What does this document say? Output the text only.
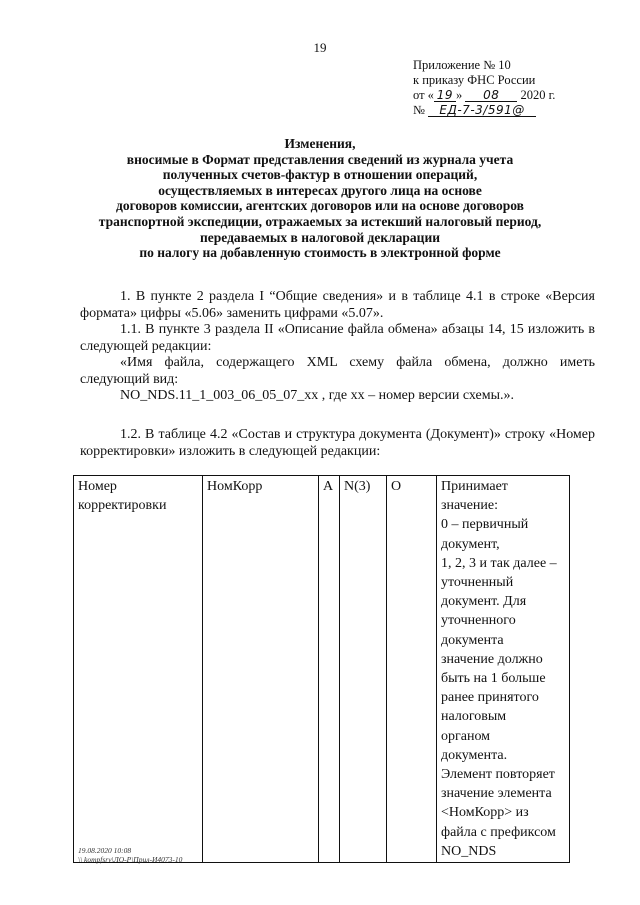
19
Приложение № 10
к приказу ФНС России
от « 19 » 08 2020 г.
№ ЕД-7-3/591@
Изменения,
вносимые в Формат представления сведений из журнала учета
полученных счетов-фактур в отношении операций,
осуществляемых в интересах другого лица на основе
договоров комиссии, агентских договоров или на основе договоров
транспортной экспедиции, отражаемых за истекший налоговый период,
передаваемых в налоговой декларации
по налогу на добавленную стоимость в электронной форме
1. В пункте 2 раздела I “Общие сведения» и в таблице 4.1 в строке «Версия формата» цифры «5.06» заменить цифрами «5.07».
1.1. В пункте 3 раздела II «Описание файла обмена» абзацы 14, 15 изложить в следующей редакции:
«Имя файла, содержащего XML схему файла обмена, должно иметь следующий вид:
NO_NDS.11_1_003_06_05_07_xx , где хх – номер версии схемы.».
1.2. В таблице 4.2 «Состав и структура документа (Документ)» строку «Номер корректировки» изложить в следующей редакции:
Номер корректировки	НомКорр	А	N(3)	О	Принимает
значение:
0 – первичный
документ,
1, 2, 3 и так далее –
уточненный
документ. Для
уточненного
документа
значение должно
быть на 1 больше
ранее принятого
налоговым
органом
документа.
Элемент повторяет
значение элемента
<НомКорр> из
файла с префиксом
NO_NDS
19.08.2020 10:08
\\ kompfsrv\ЛО-Р\Прил-И4073-10
